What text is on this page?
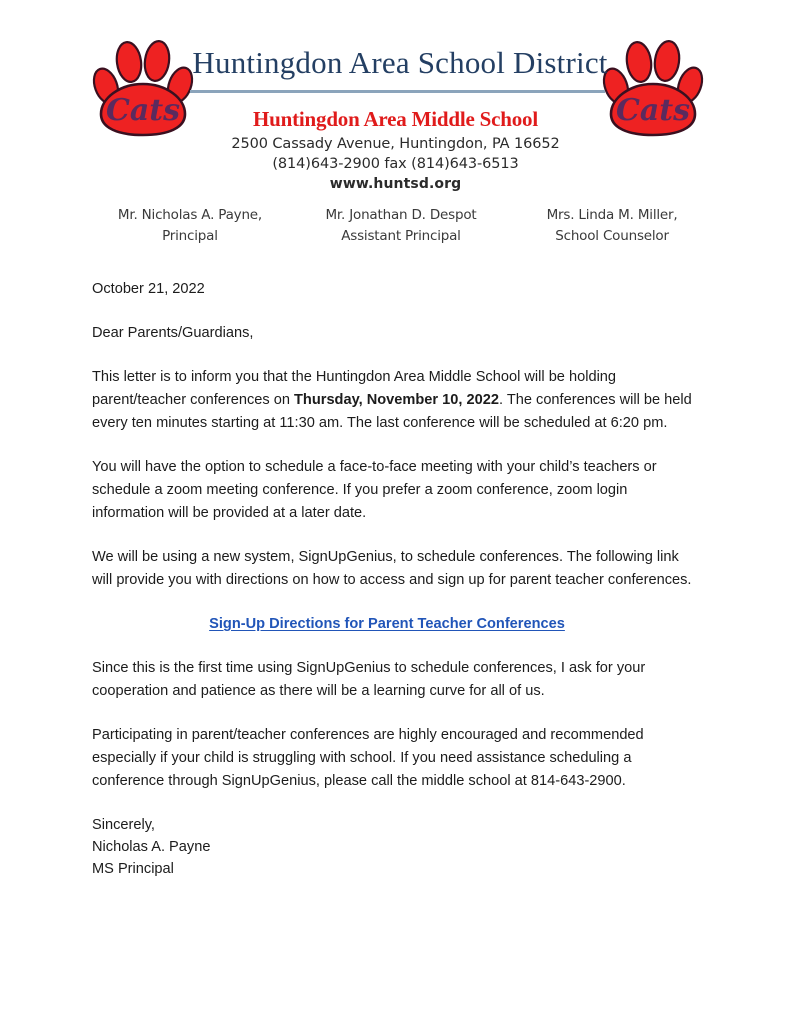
Cats	Cats
Huntingdon Area School District
Huntingdon Area Middle School
2500 Cassady Avenue, Huntingdon, PA 16652
(814)643-2900 fax (814)643-6513
www.huntsd.org
Mr. Nicholas A. Payne,
Principal
Mr. Jonathan D. Despot
Assistant Principal
Mrs. Linda M. Miller,
School Counselor

October 21, 2022

Dear Parents/Guardians,

This letter is to inform you that the Huntingdon Area Middle School will be holding parent/teacher conferences on Thursday, November 10, 2022. The conferences will be held every ten minutes starting at 11:30 am. The last conference will be scheduled at 6:20 pm.

You will have the option to schedule a face-to-face meeting with your child’s teachers or schedule a zoom meeting conference. If you prefer a zoom conference, zoom login information will be provided at a later date.

We will be using a new system, SignUpGenius, to schedule conferences. The following link will provide you with directions on how to access and sign up for parent teacher conferences.

Sign-Up Directions for Parent Teacher Conferences

Since this is the first time using SignUpGenius to schedule conferences, I ask for your cooperation and patience as there will be a learning curve for all of us.

Participating in parent/teacher conferences are highly encouraged and recommended especially if your child is struggling with school. If you need assistance scheduling a conference through SignUpGenius, please call the middle school at 814-643-2900.

Sincerely,
Nicholas A. Payne
MS Principal
